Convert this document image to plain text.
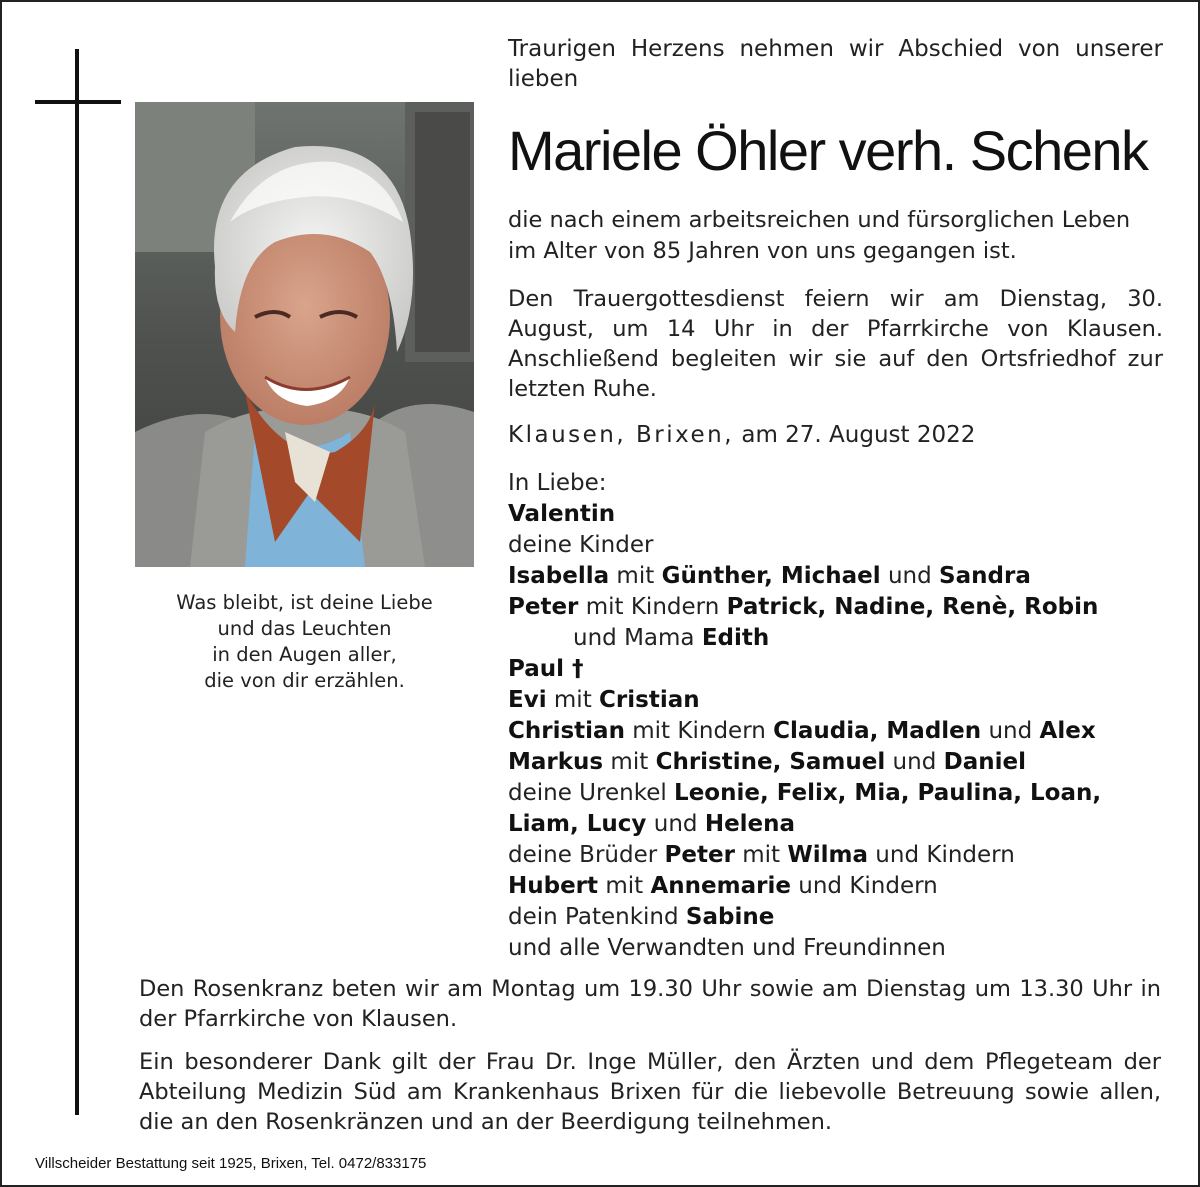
Was bleibt, ist deine Liebe
und das Leuchten
in den Augen aller,
die von dir erzählen.
Traurigen Herzens nehmen wir Abschied von unserer lieben
Mariele Öhler verh. Schenk
die nach einem arbeitsreichen und fürsorglichen Leben im Alter von 85 Jahren von uns gegangen ist.
Den Trauergottesdienst feiern wir am Dienstag, 30. August, um 14 Uhr in der Pfarrkirche von Klausen. Anschließend begleiten wir sie auf den Ortsfriedhof zur letzten Ruhe.
Klausen, Brixen, am 27. August 2022
In Liebe:
Valentin
deine Kinder
Isabella mit Günther, Michael und Sandra
Peter mit Kindern Patrick, Nadine, Renè, Robin
und Mama Edith
Paul †
Evi mit Cristian
Christian mit Kindern Claudia, Madlen und Alex
Markus mit Christine, Samuel und Daniel
deine Urenkel Leonie, Felix, Mia, Paulina, Loan,
Liam, Lucy und Helena
deine Brüder Peter mit Wilma und Kindern
Hubert mit Annemarie und Kindern
dein Patenkind Sabine
und alle Verwandten und Freundinnen
Den Rosenkranz beten wir am Montag um 19.30 Uhr sowie am Dienstag um 13.30 Uhr in der Pfarrkirche von Klausen.
Ein besonderer Dank gilt der Frau Dr. Inge Müller, den Ärzten und dem Pflegeteam der Abteilung Medizin Süd am Krankenhaus Brixen für die liebevolle Betreuung sowie allen, die an den Rosenkränzen und an der Beerdigung teilnehmen.
Villscheider Bestattung seit 1925, Brixen, Tel. 0472/833175
